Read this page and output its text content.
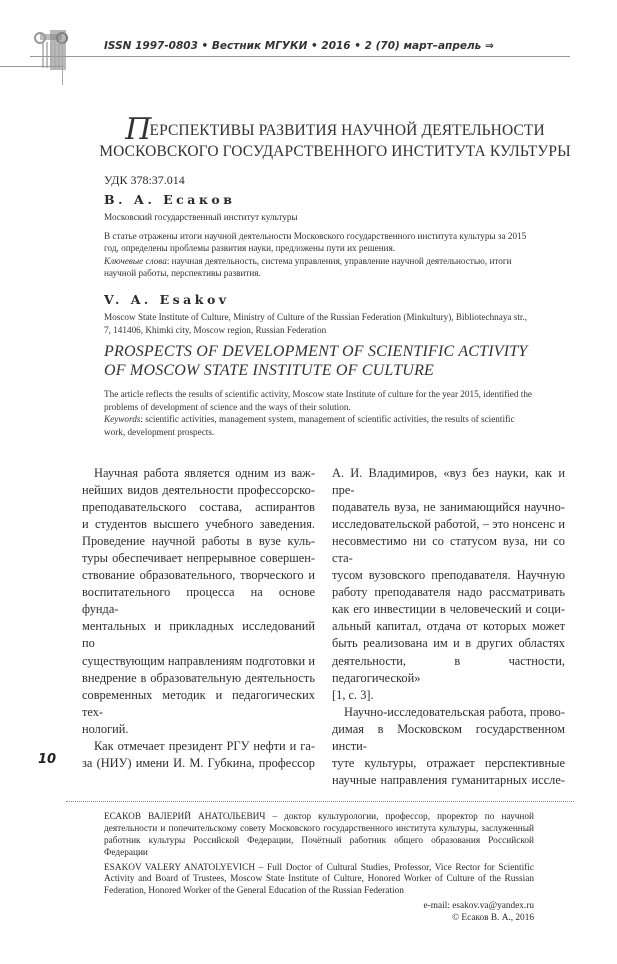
ISSN 1997-0803 • Вестник МГУКИ • 2016 • 2 (70) март–апрель ⇒
ПЕРСПЕКТИВЫ РАЗВИТИЯ НАУЧНОЙ ДЕЯТЕЛЬНОСТИ
МОСКОВСКОГО ГОСУДАРСТВЕННОГО ИНСТИТУТА КУЛЬТУРЫ
УДК 378:37.014
В. А. Есаков
Московский государственный институт культуры
В статье отражены итоги научной деятельности Московского государственного института культуры за 2015 год, определены проблемы развития науки, предложены пути их решения.
Ключевые слова: научная деятельность, система управления, управление научной деятельностью, итоги научной работы, перспективы развития.
V. A. Esakov
Moscow State Institute of Culture, Ministry of Culture of the Russian Federation (Minkultury), Bibliotechnaya str., 7, 141406, Khimki city, Moscow region, Russian Federation
PROSPECTS OF DEVELOPMENT OF SCIENTIFIC ACTIVITY
OF MOSCOW STATE INSTITUTE OF CULTURE
The article reflects the results of scientific activity, Moscow state Institute of culture for the year 2015, identified the problems of development of science and the ways of their solution.
Keywords: scientific activities, management system, management of scientific activities, the results of scientific work, development prospects.
Научная работа является одним из важ-
нейших видов деятельности профессорско-
преподавательского состава, аспирантов
и студентов высшего учебного заведения.
Проведение научной работы в вузе куль-
туры обеспечивает непрерывное совершен-
ствование образовательного, творческого и
воспитательного процесса на основе фунда-
ментальных и прикладных исследований по
существующим направлениям подготовки и
внедрение в образовательную деятельность
современных методик и педагогических тех-
нологий.
Как отмечает президент РГУ нефти и га-
за (НИУ) имени И. М. Губкина, профессор
А. И. Владимиров, «вуз без науки, как и пре-
подаватель вуза, не занимающийся научно-
исследовательской работой, – это нонсенс и
несовместимо ни со статусом вуза, ни со ста-
тусом вузовского преподавателя. Научную
работу преподавателя надо рассматривать
как его инвестиции в человеческий и соци-
альный капитал, отдача от которых может
быть реализована им и в других областях
деятельности, в частности, педагогической»
[1, с. 3].
Научно-исследовательская работа, прово-
димая в Московском государственном инсти-
туте культуры, отражает перспективные
научные направления гуманитарных иссле-

ЕСАКОВ ВАЛЕРИЙ АНАТОЛЬЕВИЧ – доктор культурологии, профессор, проректор по научной деятельности и попечительскому совету Московского государственного института культуры, заслуженный работник культуры Российской Федерации, Почётный работник общего образования Российской Федерации

ESAKOV VALERY ANATOLYEVICH – Full Doctor of Cultural Studies, Professor, Vice Rector for Scientific Activity and Board of Trustees, Moscow State Institute of Culture, Honored Worker of Culture of the Russian Federation, Honored Worker of the General Education of the Russian Federation

e-mail: esakov.va@yandex.ru

© Есаков В. А., 2016

10
